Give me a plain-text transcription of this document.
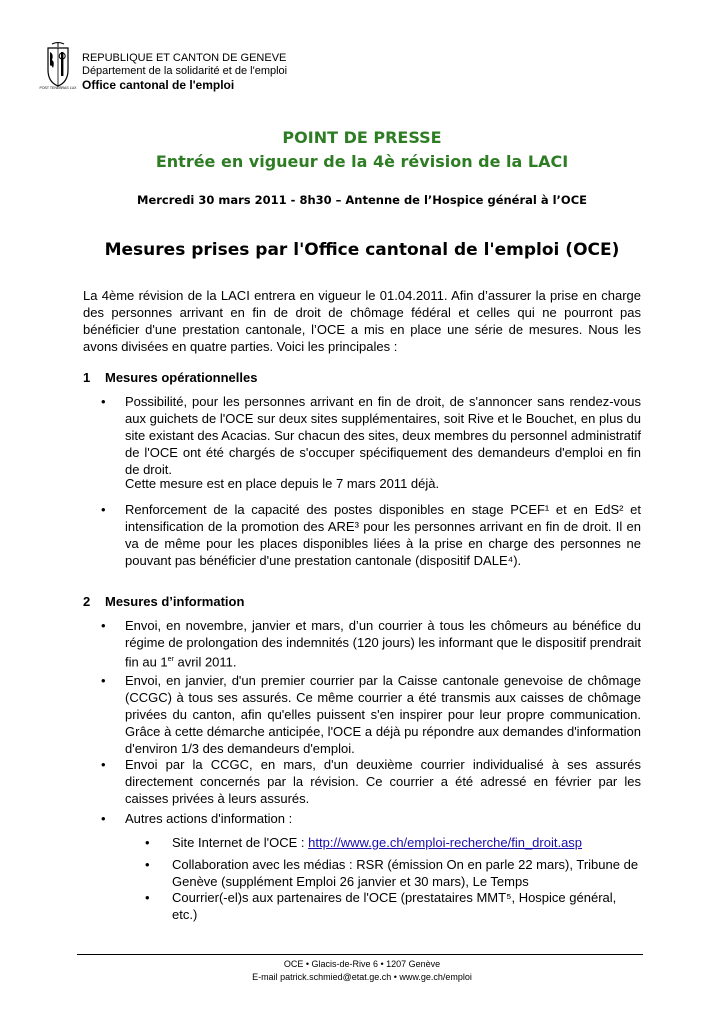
POST TENEBRAS LUX
REPUBLIQUE ET CANTON DE GENEVE
Département de la solidarité et de l'emploi
Office cantonal de l'emploi
POINT DE PRESSE
Entrée en vigueur de la 4è révision de la LACI
Mercredi 30 mars 2011 - 8h30 – Antenne de l’Hospice général à l’OCE
Mesures prises par l'Office cantonal de l'emploi (OCE)
La 4ème révision de la LACI entrera en vigueur le 01.04.2011. Afin d’assurer la prise en charge des personnes arrivant en fin de droit de chômage fédéral et celles qui ne pourront pas bénéficier d'une prestation cantonale, l’OCE a mis en place une série de mesures. Nous les avons divisées en quatre parties. Voici les principales :
1 Mesures opérationnelles
• Possibilité, pour les personnes arrivant en fin de droit, de s'annoncer sans rendez-vous aux guichets de l'OCE sur deux sites supplémentaires, soit Rive et le Bouchet, en plus du site existant des Acacias. Sur chacun des sites, deux membres du personnel administratif de l'OCE ont été chargés de s'occuper spécifiquement des demandeurs d'emploi en fin de droit.
Cette mesure est en place depuis le 7 mars 2011 déjà.
• Renforcement de la capacité des postes disponibles en stage PCEF¹ et en EdS² et intensification de la promotion des ARE³ pour les personnes arrivant en fin de droit. Il en va de même pour les places disponibles liées à la prise en charge des personnes ne pouvant pas bénéficier d'une prestation cantonale (dispositif DALE⁴).
2 Mesures d’information
• Envoi, en novembre, janvier et mars, d’un courrier à tous les chômeurs au bénéfice du régime de prolongation des indemnités (120 jours) les informant que le dispositif prendrait fin au 1er avril 2011.
• Envoi, en janvier, d'un premier courrier par la Caisse cantonale genevoise de chômage (CCGC) à tous ses assurés. Ce même courrier a été transmis aux caisses de chômage privées du canton, afin qu'elles puissent s'en inspirer pour leur propre communication. Grâce à cette démarche anticipée, l'OCE a déjà pu répondre aux demandes d'information d'environ 1/3 des demandeurs d'emploi.
• Envoi par la CCGC, en mars, d'un deuxième courrier individualisé à ses assurés directement concernés par la révision. Ce courrier a été adressé en février par les caisses privées à leurs assurés.
• Autres actions d'information :
• Site Internet de l'OCE : http://www.ge.ch/emploi-recherche/fin_droit.asp
• Collaboration avec les médias : RSR (émission On en parle 22 mars), Tribune de Genève (supplément Emploi 26 janvier et 30 mars), Le Temps
• Courrier(-el)s aux partenaires de l'OCE (prestataires MMT⁵, Hospice général, etc.)
OCE • Glacis-de-Rive 6 • 1207 Genève
E-mail patrick.schmied@etat.ge.ch • www.ge.ch/emploi
